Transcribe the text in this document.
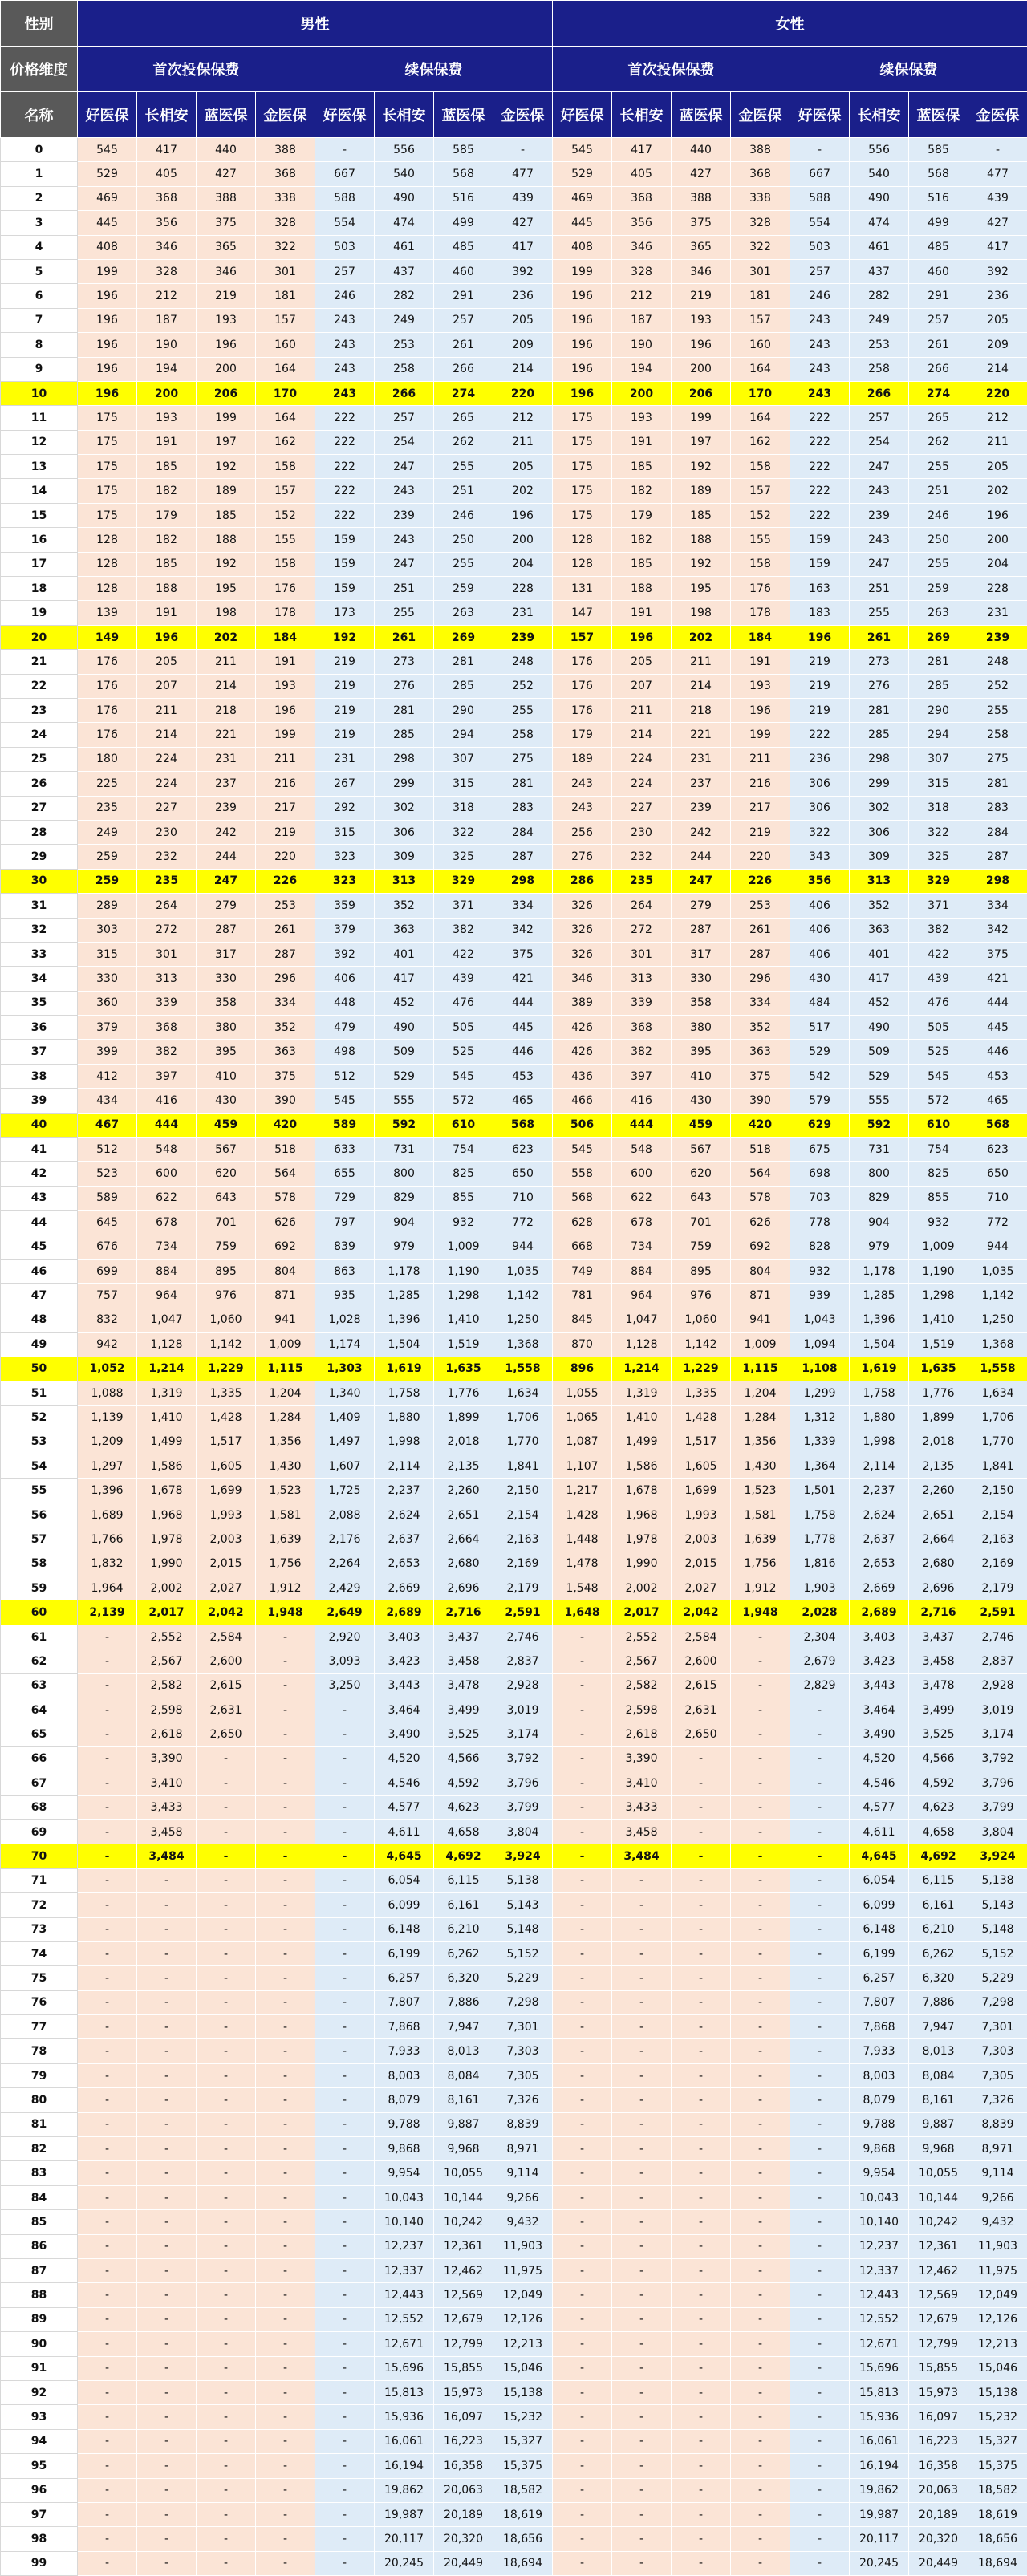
性别	男性								女性							
价格维度	首次投保保费				续保保费				首次投保保费				续保保费			
名称	好医保	长相安	蓝医保	金医保	好医保	长相安	蓝医保	金医保	好医保	长相安	蓝医保	金医保	好医保	长相安	蓝医保	金医保
0	545	417	440	388	-	556	585	-	545	417	440	388	-	556	585	-
1	529	405	427	368	667	540	568	477	529	405	427	368	667	540	568	477
2	469	368	388	338	588	490	516	439	469	368	388	338	588	490	516	439
3	445	356	375	328	554	474	499	427	445	356	375	328	554	474	499	427
4	408	346	365	322	503	461	485	417	408	346	365	322	503	461	485	417
5	199	328	346	301	257	437	460	392	199	328	346	301	257	437	460	392
6	196	212	219	181	246	282	291	236	196	212	219	181	246	282	291	236
7	196	187	193	157	243	249	257	205	196	187	193	157	243	249	257	205
8	196	190	196	160	243	253	261	209	196	190	196	160	243	253	261	209
9	196	194	200	164	243	258	266	214	196	194	200	164	243	258	266	214
10	196	200	206	170	243	266	274	220	196	200	206	170	243	266	274	220
11	175	193	199	164	222	257	265	212	175	193	199	164	222	257	265	212
12	175	191	197	162	222	254	262	211	175	191	197	162	222	254	262	211
13	175	185	192	158	222	247	255	205	175	185	192	158	222	247	255	205
14	175	182	189	157	222	243	251	202	175	182	189	157	222	243	251	202
15	175	179	185	152	222	239	246	196	175	179	185	152	222	239	246	196
16	128	182	188	155	159	243	250	200	128	182	188	155	159	243	250	200
17	128	185	192	158	159	247	255	204	128	185	192	158	159	247	255	204
18	128	188	195	176	159	251	259	228	131	188	195	176	163	251	259	228
19	139	191	198	178	173	255	263	231	147	191	198	178	183	255	263	231
20	149	196	202	184	192	261	269	239	157	196	202	184	196	261	269	239
21	176	205	211	191	219	273	281	248	176	205	211	191	219	273	281	248
22	176	207	214	193	219	276	285	252	176	207	214	193	219	276	285	252
23	176	211	218	196	219	281	290	255	176	211	218	196	219	281	290	255
24	176	214	221	199	219	285	294	258	179	214	221	199	222	285	294	258
25	180	224	231	211	231	298	307	275	189	224	231	211	236	298	307	275
26	225	224	237	216	267	299	315	281	243	224	237	216	306	299	315	281
27	235	227	239	217	292	302	318	283	243	227	239	217	306	302	318	283
28	249	230	242	219	315	306	322	284	256	230	242	219	322	306	322	284
29	259	232	244	220	323	309	325	287	276	232	244	220	343	309	325	287
30	259	235	247	226	323	313	329	298	286	235	247	226	356	313	329	298
31	289	264	279	253	359	352	371	334	326	264	279	253	406	352	371	334
32	303	272	287	261	379	363	382	342	326	272	287	261	406	363	382	342
33	315	301	317	287	392	401	422	375	326	301	317	287	406	401	422	375
34	330	313	330	296	406	417	439	421	346	313	330	296	430	417	439	421
35	360	339	358	334	448	452	476	444	389	339	358	334	484	452	476	444
36	379	368	380	352	479	490	505	445	426	368	380	352	517	490	505	445
37	399	382	395	363	498	509	525	446	426	382	395	363	529	509	525	446
38	412	397	410	375	512	529	545	453	436	397	410	375	542	529	545	453
39	434	416	430	390	545	555	572	465	466	416	430	390	579	555	572	465
40	467	444	459	420	589	592	610	568	506	444	459	420	629	592	610	568
41	512	548	567	518	633	731	754	623	545	548	567	518	675	731	754	623
42	523	600	620	564	655	800	825	650	558	600	620	564	698	800	825	650
43	589	622	643	578	729	829	855	710	568	622	643	578	703	829	855	710
44	645	678	701	626	797	904	932	772	628	678	701	626	778	904	932	772
45	676	734	759	692	839	979	1,009	944	668	734	759	692	828	979	1,009	944
46	699	884	895	804	863	1,178	1,190	1,035	749	884	895	804	932	1,178	1,190	1,035
47	757	964	976	871	935	1,285	1,298	1,142	781	964	976	871	939	1,285	1,298	1,142
48	832	1,047	1,060	941	1,028	1,396	1,410	1,250	845	1,047	1,060	941	1,043	1,396	1,410	1,250
49	942	1,128	1,142	1,009	1,174	1,504	1,519	1,368	870	1,128	1,142	1,009	1,094	1,504	1,519	1,368
50	1,052	1,214	1,229	1,115	1,303	1,619	1,635	1,558	896	1,214	1,229	1,115	1,108	1,619	1,635	1,558
51	1,088	1,319	1,335	1,204	1,340	1,758	1,776	1,634	1,055	1,319	1,335	1,204	1,299	1,758	1,776	1,634
52	1,139	1,410	1,428	1,284	1,409	1,880	1,899	1,706	1,065	1,410	1,428	1,284	1,312	1,880	1,899	1,706
53	1,209	1,499	1,517	1,356	1,497	1,998	2,018	1,770	1,087	1,499	1,517	1,356	1,339	1,998	2,018	1,770
54	1,297	1,586	1,605	1,430	1,607	2,114	2,135	1,841	1,107	1,586	1,605	1,430	1,364	2,114	2,135	1,841
55	1,396	1,678	1,699	1,523	1,725	2,237	2,260	2,150	1,217	1,678	1,699	1,523	1,501	2,237	2,260	2,150
56	1,689	1,968	1,993	1,581	2,088	2,624	2,651	2,154	1,428	1,968	1,993	1,581	1,758	2,624	2,651	2,154
57	1,766	1,978	2,003	1,639	2,176	2,637	2,664	2,163	1,448	1,978	2,003	1,639	1,778	2,637	2,664	2,163
58	1,832	1,990	2,015	1,756	2,264	2,653	2,680	2,169	1,478	1,990	2,015	1,756	1,816	2,653	2,680	2,169
59	1,964	2,002	2,027	1,912	2,429	2,669	2,696	2,179	1,548	2,002	2,027	1,912	1,903	2,669	2,696	2,179
60	2,139	2,017	2,042	1,948	2,649	2,689	2,716	2,591	1,648	2,017	2,042	1,948	2,028	2,689	2,716	2,591
61	-	2,552	2,584	-	2,920	3,403	3,437	2,746	-	2,552	2,584	-	2,304	3,403	3,437	2,746
62	-	2,567	2,600	-	3,093	3,423	3,458	2,837	-	2,567	2,600	-	2,679	3,423	3,458	2,837
63	-	2,582	2,615	-	3,250	3,443	3,478	2,928	-	2,582	2,615	-	2,829	3,443	3,478	2,928
64	-	2,598	2,631	-	-	3,464	3,499	3,019	-	2,598	2,631	-	-	3,464	3,499	3,019
65	-	2,618	2,650	-	-	3,490	3,525	3,174	-	2,618	2,650	-	-	3,490	3,525	3,174
66	-	3,390	-	-	-	4,520	4,566	3,792	-	3,390	-	-	-	4,520	4,566	3,792
67	-	3,410	-	-	-	4,546	4,592	3,796	-	3,410	-	-	-	4,546	4,592	3,796
68	-	3,433	-	-	-	4,577	4,623	3,799	-	3,433	-	-	-	4,577	4,623	3,799
69	-	3,458	-	-	-	4,611	4,658	3,804	-	3,458	-	-	-	4,611	4,658	3,804
70	-	3,484	-	-	-	4,645	4,692	3,924	-	3,484	-	-	-	4,645	4,692	3,924
71	-	-	-	-	-	6,054	6,115	5,138	-	-	-	-	-	6,054	6,115	5,138
72	-	-	-	-	-	6,099	6,161	5,143	-	-	-	-	-	6,099	6,161	5,143
73	-	-	-	-	-	6,148	6,210	5,148	-	-	-	-	-	6,148	6,210	5,148
74	-	-	-	-	-	6,199	6,262	5,152	-	-	-	-	-	6,199	6,262	5,152
75	-	-	-	-	-	6,257	6,320	5,229	-	-	-	-	-	6,257	6,320	5,229
76	-	-	-	-	-	7,807	7,886	7,298	-	-	-	-	-	7,807	7,886	7,298
77	-	-	-	-	-	7,868	7,947	7,301	-	-	-	-	-	7,868	7,947	7,301
78	-	-	-	-	-	7,933	8,013	7,303	-	-	-	-	-	7,933	8,013	7,303
79	-	-	-	-	-	8,003	8,084	7,305	-	-	-	-	-	8,003	8,084	7,305
80	-	-	-	-	-	8,079	8,161	7,326	-	-	-	-	-	8,079	8,161	7,326
81	-	-	-	-	-	9,788	9,887	8,839	-	-	-	-	-	9,788	9,887	8,839
82	-	-	-	-	-	9,868	9,968	8,971	-	-	-	-	-	9,868	9,968	8,971
83	-	-	-	-	-	9,954	10,055	9,114	-	-	-	-	-	9,954	10,055	9,114
84	-	-	-	-	-	10,043	10,144	9,266	-	-	-	-	-	10,043	10,144	9,266
85	-	-	-	-	-	10,140	10,242	9,432	-	-	-	-	-	10,140	10,242	9,432
86	-	-	-	-	-	12,237	12,361	11,903	-	-	-	-	-	12,237	12,361	11,903
87	-	-	-	-	-	12,337	12,462	11,975	-	-	-	-	-	12,337	12,462	11,975
88	-	-	-	-	-	12,443	12,569	12,049	-	-	-	-	-	12,443	12,569	12,049
89	-	-	-	-	-	12,552	12,679	12,126	-	-	-	-	-	12,552	12,679	12,126
90	-	-	-	-	-	12,671	12,799	12,213	-	-	-	-	-	12,671	12,799	12,213
91	-	-	-	-	-	15,696	15,855	15,046	-	-	-	-	-	15,696	15,855	15,046
92	-	-	-	-	-	15,813	15,973	15,138	-	-	-	-	-	15,813	15,973	15,138
93	-	-	-	-	-	15,936	16,097	15,232	-	-	-	-	-	15,936	16,097	15,232
94	-	-	-	-	-	16,061	16,223	15,327	-	-	-	-	-	16,061	16,223	15,327
95	-	-	-	-	-	16,194	16,358	15,375	-	-	-	-	-	16,194	16,358	15,375
96	-	-	-	-	-	19,862	20,063	18,582	-	-	-	-	-	19,862	20,063	18,582
97	-	-	-	-	-	19,987	20,189	18,619	-	-	-	-	-	19,987	20,189	18,619
98	-	-	-	-	-	20,117	20,320	18,656	-	-	-	-	-	20,117	20,320	18,656
99	-	-	-	-	-	20,245	20,449	18,694	-	-	-	-	-	20,245	20,449	18,694
